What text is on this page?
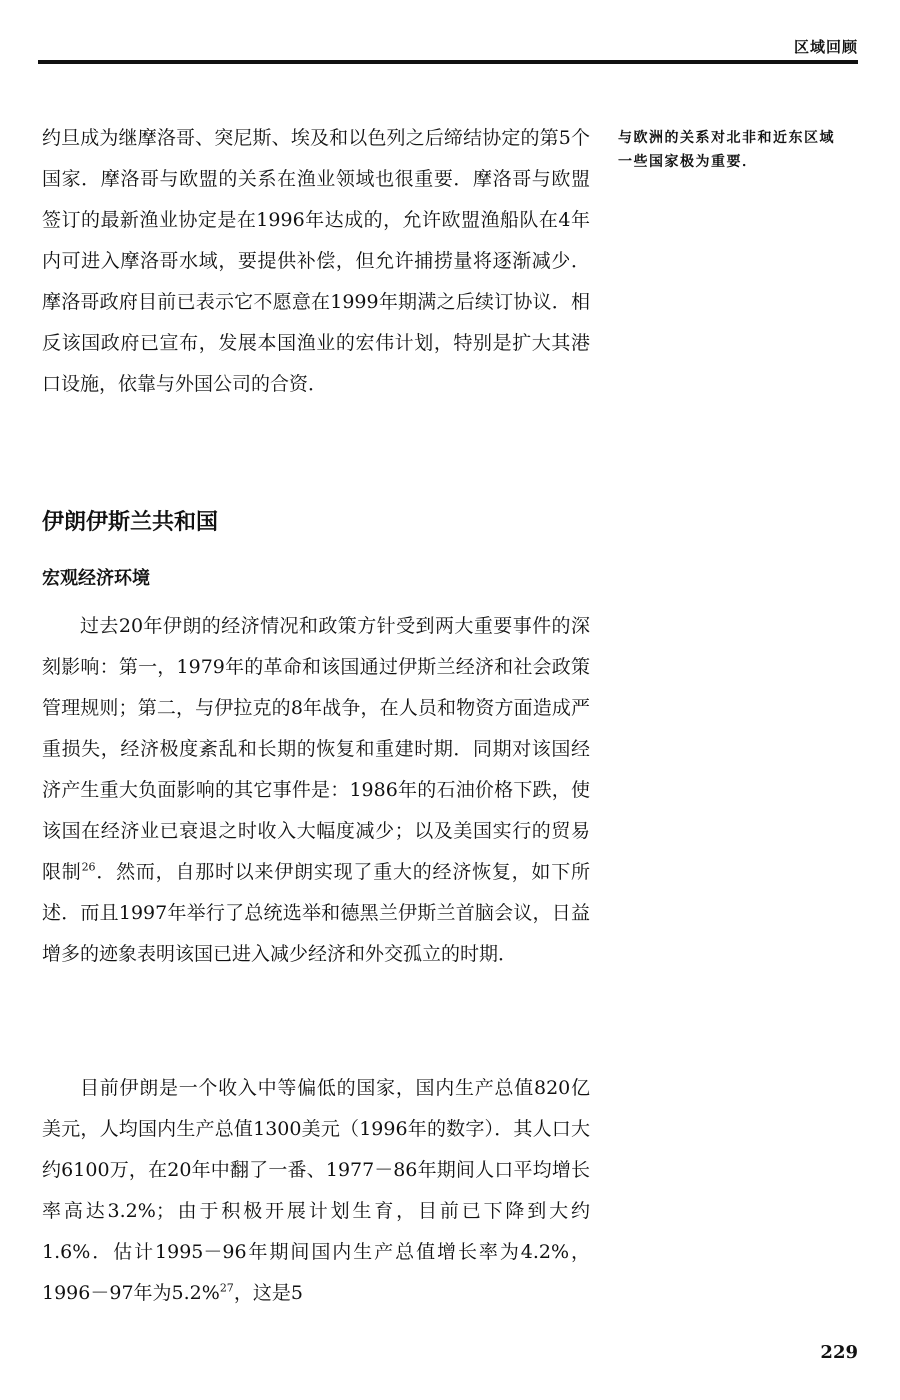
区域回顾

约旦成为继摩洛哥、突尼斯、埃及和以色列之后缔结协定的第5个国家．摩洛哥与欧盟的关系在渔业领域也很重要．摩洛哥与欧盟签订的最新渔业协定是在1996年达成的，允许欧盟渔船队在4年内可进入摩洛哥水域，要提供补偿，但允许捕捞量将逐渐减少．摩洛哥政府目前已表示它不愿意在1999年期满之后续订协议．相反该国政府已宣布，发展本国渔业的宏伟计划，特别是扩大其港口设施，依靠与外国公司的合资．

与欧洲的关系对北非和近东区域一些国家极为重要．
伊朗伊斯兰共和国
宏观经济环境

过去20年伊朗的经济情况和政策方针受到两大重要事件的深刻影响：第一，1979年的革命和该国通过伊斯兰经济和社会政策管理规则；第二，与伊拉克的8年战争，在人员和物资方面造成严重损失，经济极度紊乱和长期的恢复和重建时期．同期对该国经济产生重大负面影响的其它事件是：1986年的石油价格下跌，使该国在经济业已衰退之时收入大幅度减少；以及美国实行的贸易限制$^{26}$．然而，自那时以来伊朗实现了重大的经济恢复，如下所述．而且1997年举行了总统选举和德黑兰伊斯兰首脑会议，日益增多的迹象表明该国已进入减少经济和外交孤立的时期．

目前伊朗是一个收入中等偏低的国家，国内生产总值820亿美元，人均国内生产总值1300美元（1996年的数字）．其人口大约6100万，在20年中翻了一番、1977－86年期间人口平均增长率高达3.2%；由于积极开展计划生育，目前已下降到大约1.6%．估计1995－96年期间国内生产总值增长率为4.2%，1996－97年为5.2%$^{27}$，这是5

229
